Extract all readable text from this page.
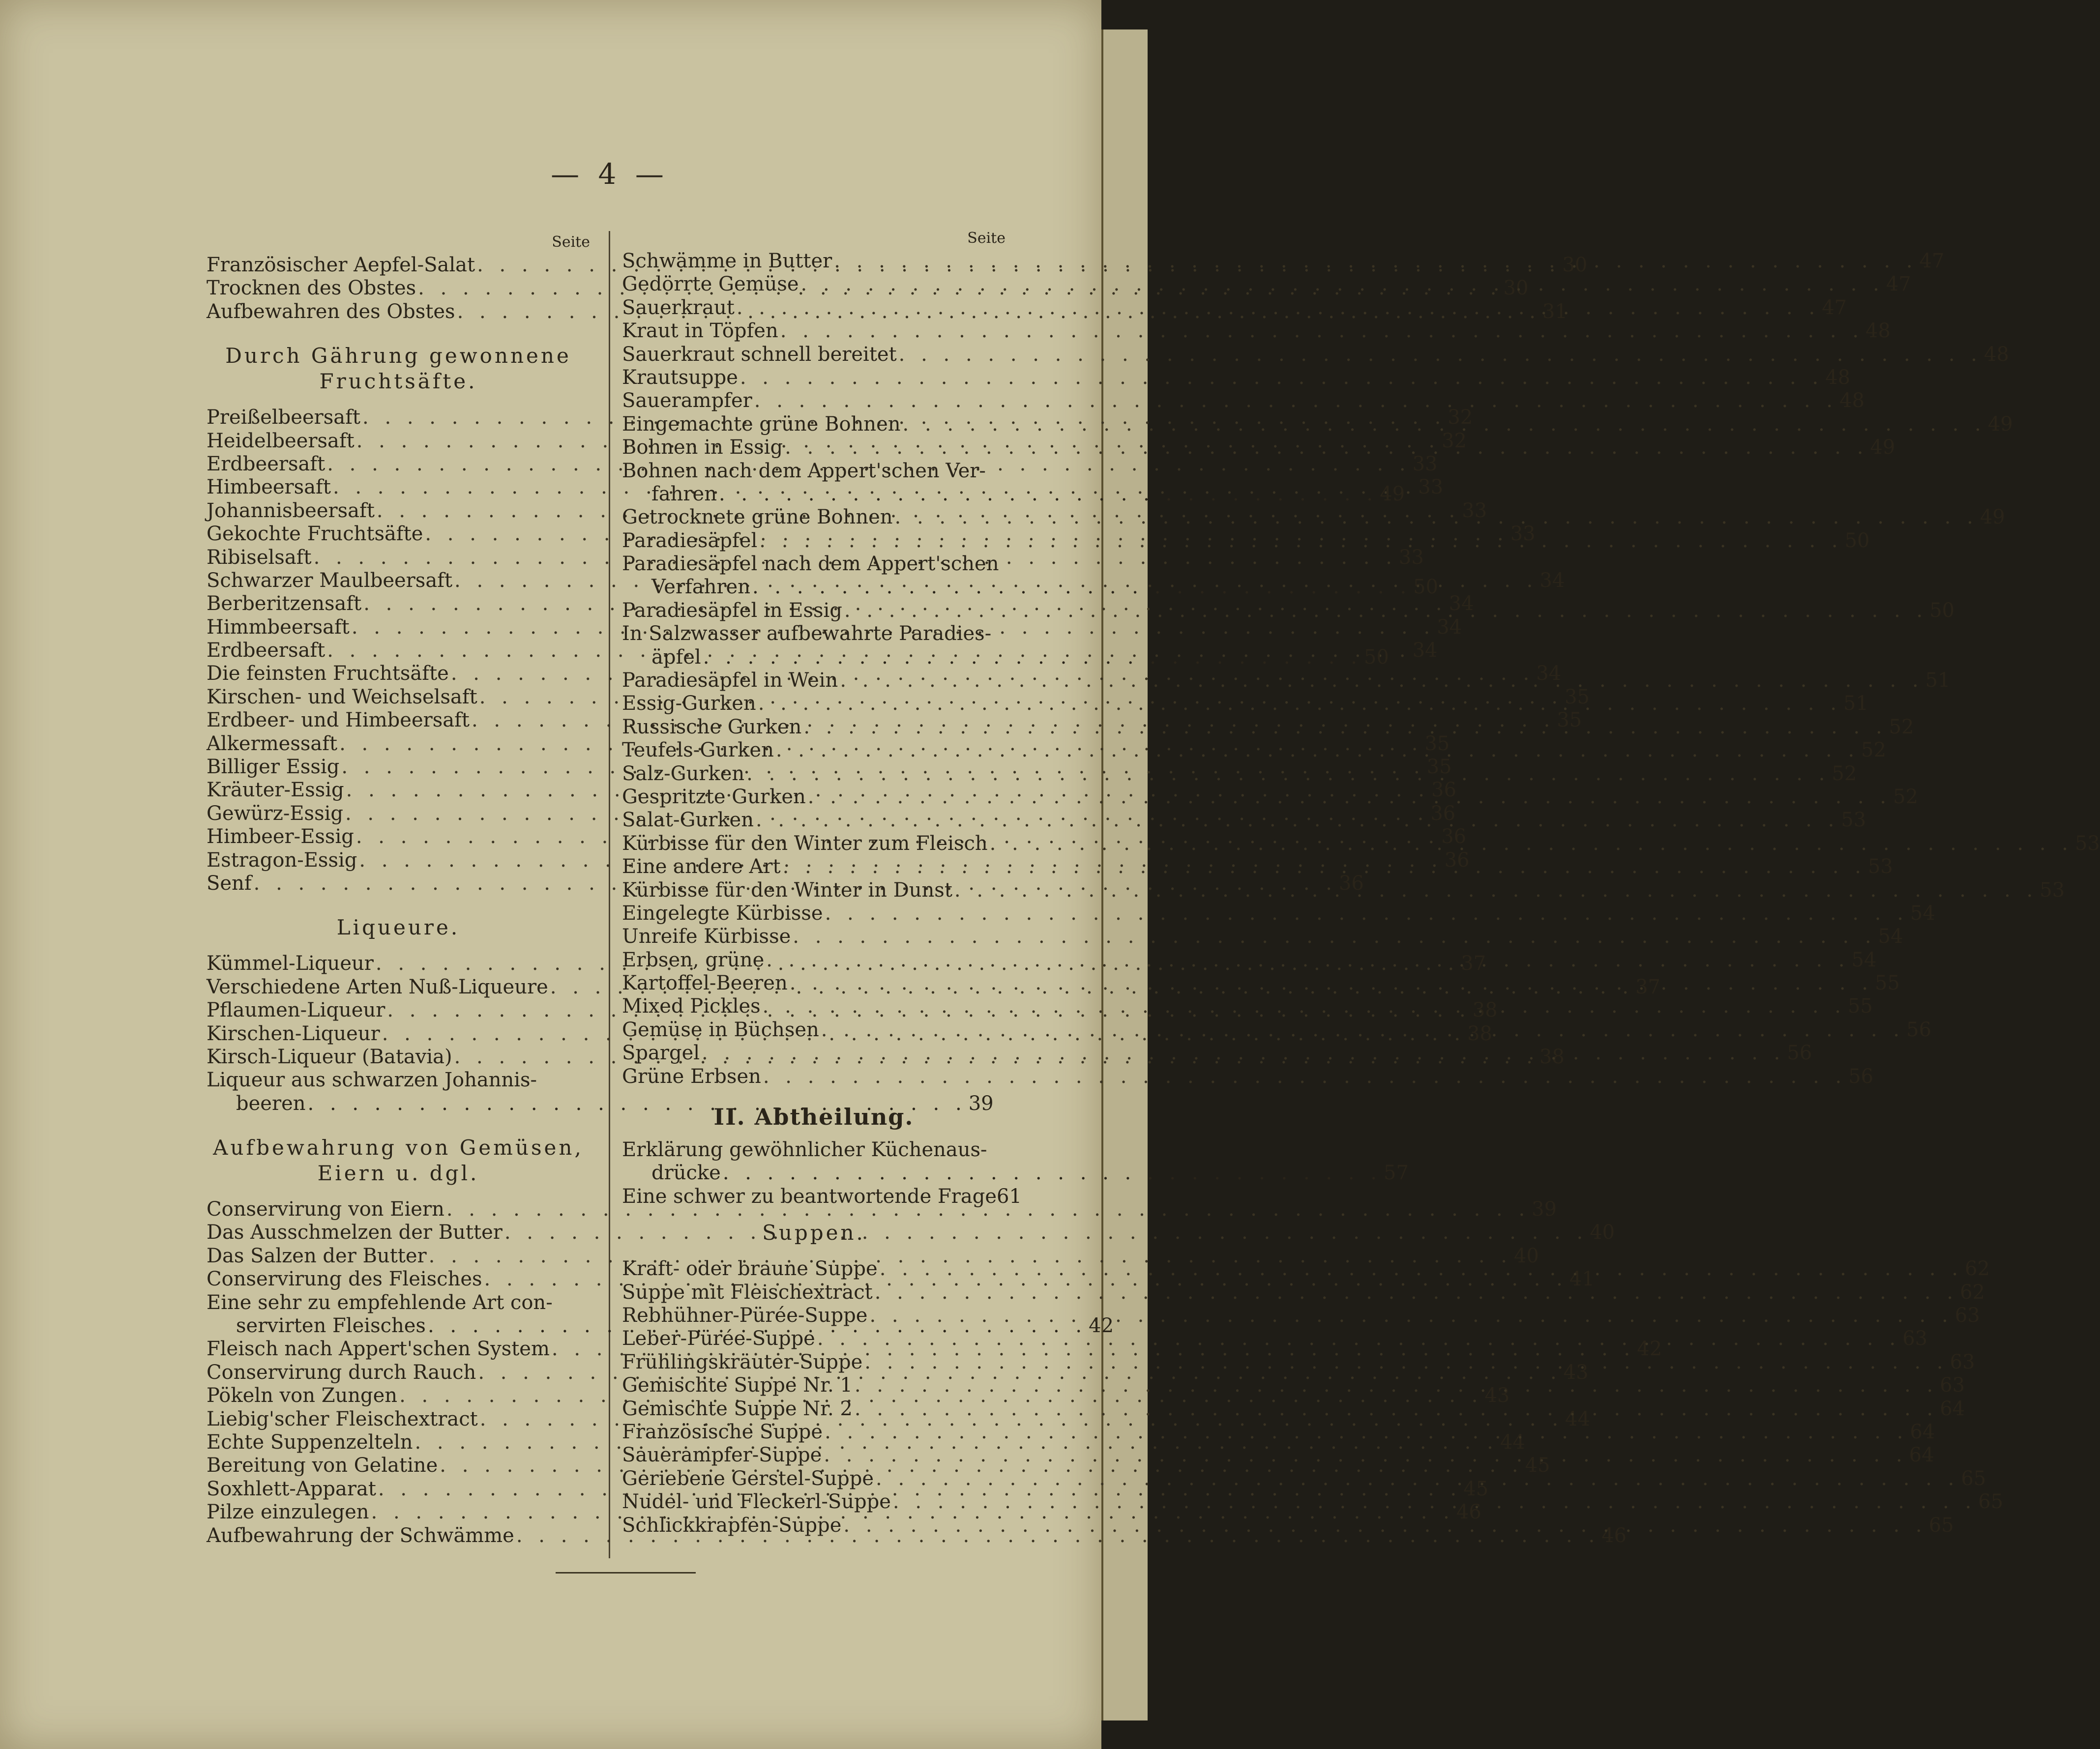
— 4 —
Seite
Französischer Aepfel-Salat . . .	30
Trocknen des Obstes . . .	30
Aufbewahren des Obstes . . .	31
Durch Gährung gewonnene
Fruchtsäfte.
Preißelbeersaft . . .	32
Heidelbeersaft . . .	32
Erdbeersaft . . .	33
Himbeersaft . . .	33
Johannisbeersaft . . .	33
Gekochte Fruchtsäfte . . .	33
Ribiselsaft . . .	33
Schwarzer Maulbeersaft . . .	34
Berberitzensaft . . .	34
Himmbeersaft . . .	34
Erdbeersaft . . .	34
Die feinsten Fruchtsäfte . . .	34
Kirschen- und Weichselsaft . . .	35
Erdbeer- und Himbeersaft . . .	35
Alkermessaft . . .	35
Billiger Essig . . .	35
Kräuter-Essig . . .	36
Gewürz-Essig . . .	36
Himbeer-Essig . . .	36
Estragon-Essig . . .	36
Senf . . .	36
Liqueure.
Kümmel-Liqueur . . .	37
Verschiedene Arten Nuß-Liqueure . . .	37
Pflaumen-Liqueur . . .	38
Kirschen-Liqueur . . .	38
Kirsch-Liqueur (Batavia) . . .	38
Liqueur aus schwarzen Johannis-
beeren . . .	39
Aufbewahrung von Gemüsen,
Eiern u. dgl.
Conservirung von Eiern . . .	39
Das Ausschmelzen der Butter . . .	40
Das Salzen der Butter . . .	40
Conservirung des Fleisches . . .	41
Eine sehr zu empfehlende Art con-
servirten Fleisches . . .	42
Fleisch nach Appert'schen System . . .	42
Conservirung durch Rauch . . .	43
Pökeln von Zungen . . .	43
Liebig'scher Fleischextract . . .	44
Echte Suppenzelteln . . .	44
Bereitung von Gelatine . . .	45
Soxhlett-Apparat . . .	45
Pilze einzulegen . . .	46
Aufbewahrung der Schwämme . . .	46
Seite
Schwämme in Butter . . .	47
Gedörrte Gemüse . . .	47
Sauerkraut . . .	47
Kraut in Töpfen . . .	48
Sauerkraut schnell bereitet . . .	48
Krautsuppe . . .	48
Sauerampfer . . .	48
Eingemachte grüne Bohnen . . .	49
Bohnen in Essig . . .	49
Bohnen nach dem Appert'schen Ver-
fahren . . .	49
Getrocknete grüne Bohnen . . .	49
Paradiesäpfel . . .	50
Paradiesäpfel nach dem Appert'schen
Verfahren . . .	50
Paradiesäpfel in Essig . . .	50
In Salzwasser aufbewahrte Paradies-
äpfel . . .	50
Paradiesäpfel in Wein . . .	51
Essig-Gurken . . .	51
Russische Gurken . . .	52
Teufels-Gurken . . .	52
Salz-Gurken . . .	52
Gespritzte Gurken . . .	52
Salat-Gurken . . .	53
Kürbisse für den Winter zum Fleisch . . .	53
Eine andere Art . . .	53
Kürbisse für den Winter in Dunst . . .	53
Eingelegte Kürbisse . . .	54
Unreife Kürbisse . . .	54
Erbsen, grüne . . .	54
Kartoffel-Beeren . . .	55
Mixed Pickles . . .	55
Gemüse in Büchsen . . .	56
Spargel . . .	56
Grüne Erbsen . . .	56
II. Abtheilung.
Erklärung gewöhnlicher Küchenaus-
drücke . . .	57
Eine schwer zu beantwortende Frage 61
Suppen.
Kraft- oder braune Suppe . . .	62
Suppe mit Fleischextract . . .	62
Rebhühner-Pürée-Suppe . . .	63
Leber-Pürée-Suppe . . .	63
Frühlingskräuter-Suppe . . .	63
Gemischte Suppe Nr. 1 . . .	63
Gemischte Suppe Nr. 2 . . .	64
Französische Suppe . . .	64
Sauerampfer-Suppe . . .	64
Geriebene Gerstel-Suppe . . .	65
Nudel- und Fleckerl-Suppe . . .	65
Schlickkrapfen-Suppe . . .	65
